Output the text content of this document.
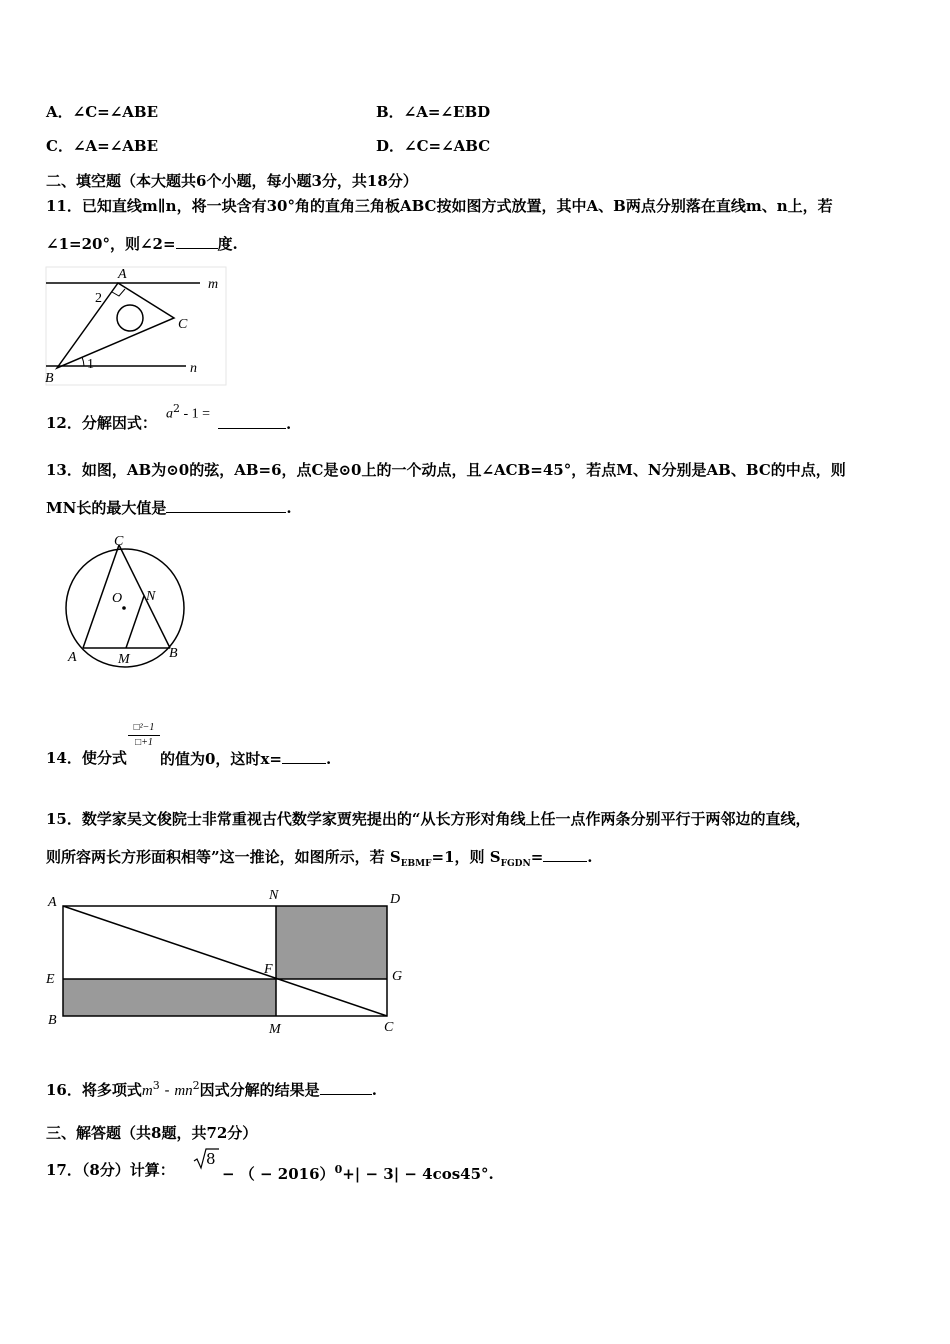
A．∠C=∠ABE	B．∠A=∠EBD
C．∠A=∠ABE	D．∠C=∠ABC
二、填空题（本大题共6个小题，每小题3分，共18分）
11．已知直线m∥n，将一块含有30°角的直角三角板ABC按如图方式放置，其中A、B两点分别落在直线m、n上，若
∠1=20°，则∠2=	度.
A
m
2
C
1
B
n
12．分解因式： $a^2 - 1$ =
.
13．如图，AB为⊙0的弦，AB=6，点C是⊙0上的一个动点，且∠ACB=45°，若点M、N分别是AB、BC的中点，则
MN长的最大值是	.
C
O N
A	M	B
14．使分式
□²−1
□+1
的值为0，这时x=	.
15．数学家吴文俊院士非常重视古代数学家贾宪提出的“从长方形对角线上任一点作两条分别平行于两邻边的直线，
则所容两长方形面积相等”这一推论，如图所示，若 $S_{EBMF}=1$，则 $S_{FGDN}=$	.
A	N	D
E
F	G
B
M	C
16．将多项式$m^3 - mn^2$因式分解的结果是	.
三、解答题（共8题，共72分）
17．（8分）计算：
8
− （ − 2016）$^0$+| − 3| − 4cos45°.
